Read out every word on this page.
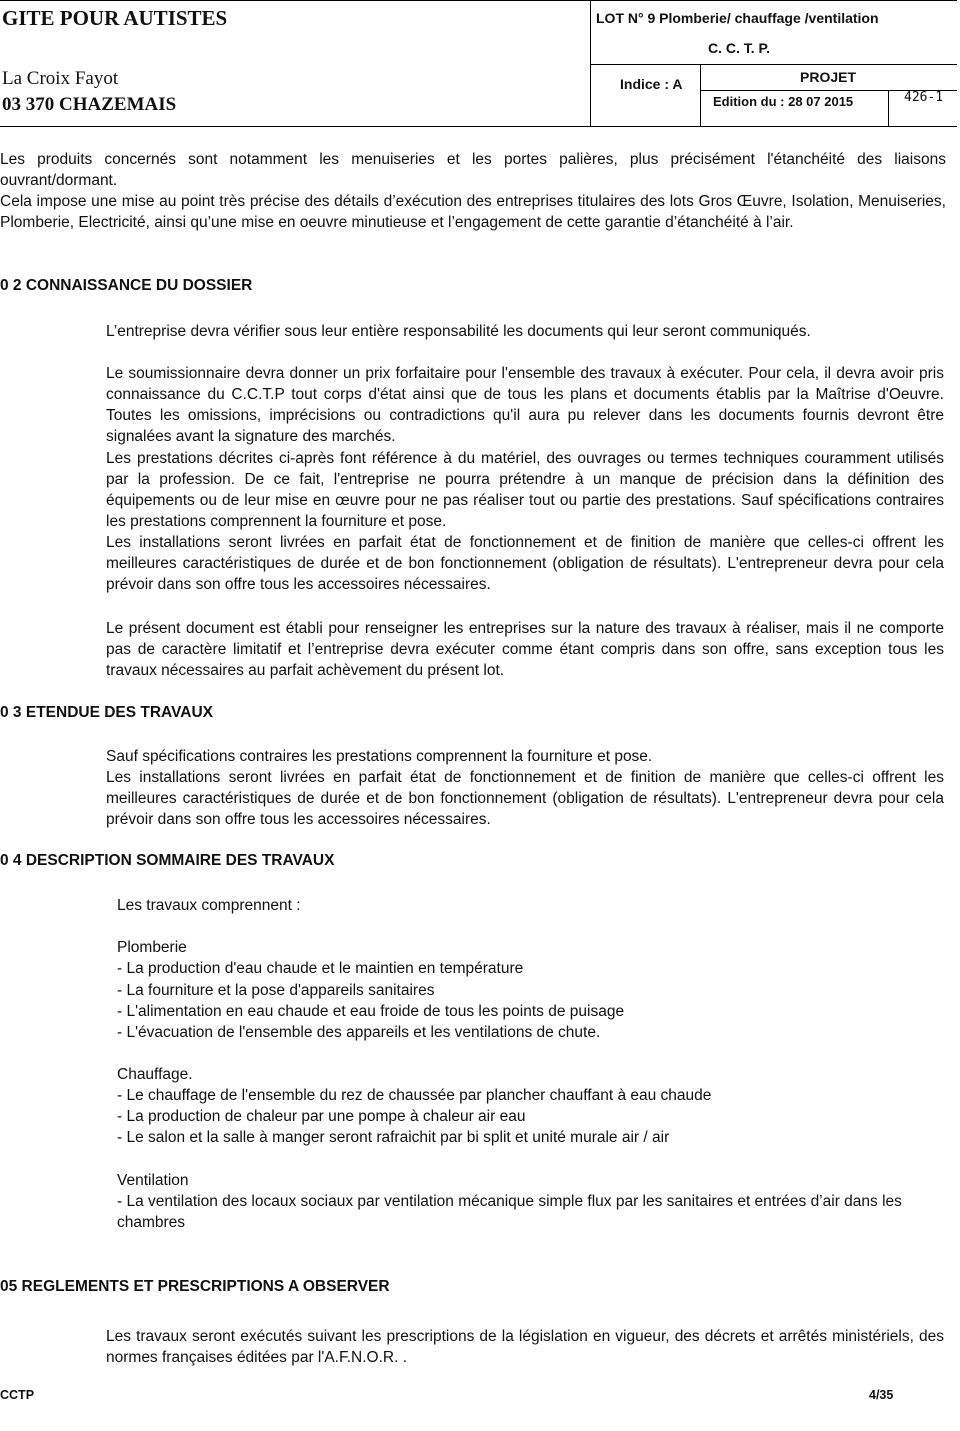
GITE POUR AUTISTES
La Croix Fayot
03 370 CHAZEMAIS
LOT N° 9 Plomberie/ chauffage /ventilation
C. C. T. P.
Indice : A	PROJET
Edition du : 28 07 2015	426-1
Les produits concernés sont notamment les menuiseries et les portes palières, plus précisément l'étanchéité des liaisons ouvrant/dormant.
Cela impose une mise au point très précise des détails d’exécution des entreprises titulaires des lots Gros Œuvre, Isolation, Menuiseries, Plomberie, Electricité, ainsi qu’une mise en oeuvre minutieuse et l’engagement de cette garantie d’étanchéité à l’air.
0 2 CONNAISSANCE DU DOSSIER
L’entreprise devra vérifier sous leur entière responsabilité les documents qui leur seront communiqués.
Le soumissionnaire devra donner un prix forfaitaire pour l'ensemble des travaux à exécuter. Pour cela, il devra avoir pris connaissance du C.C.T.P tout corps d'état ainsi que de tous les plans et documents établis par la Maîtrise d'Oeuvre. Toutes les omissions, imprécisions ou contradictions qu'il aura pu relever dans les documents fournis devront être signalées avant la signature des marchés.
Les prestations décrites ci-après font référence à du matériel, des ouvrages ou termes techniques couramment utilisés par la profession. De ce fait, l'entreprise ne pourra prétendre à un manque de précision dans la définition des équipements ou de leur mise en œuvre pour ne pas réaliser tout ou partie des prestations. Sauf spécifications contraires les prestations comprennent la fourniture et pose.
Les installations seront livrées en parfait état de fonctionnement et de finition de manière que celles-ci offrent les meilleures caractéristiques de durée et de bon fonctionnement (obligation de résultats). L'entrepreneur devra pour cela prévoir dans son offre tous les accessoires nécessaires.
Le présent document est établi pour renseigner les entreprises sur la nature des travaux à réaliser, mais il ne comporte pas de caractère limitatif et l’entreprise devra exécuter comme étant compris dans son offre, sans exception tous les travaux nécessaires au parfait achèvement du présent lot.
0 3 ETENDUE DES TRAVAUX
Sauf spécifications contraires les prestations comprennent la fourniture et pose.
Les installations seront livrées en parfait état de fonctionnement et de finition de manière que celles-ci offrent les meilleures caractéristiques de durée et de bon fonctionnement (obligation de résultats). L'entrepreneur devra pour cela prévoir dans son offre tous les accessoires nécessaires.
0 4 DESCRIPTION SOMMAIRE DES TRAVAUX
Les travaux comprennent :
Plomberie
- La production d'eau chaude et le maintien en température
- La fourniture et la pose d'appareils sanitaires
- L'alimentation en eau chaude et eau froide de tous les points de puisage
- L'évacuation de l'ensemble des appareils et les ventilations de chute.
Chauffage.
- Le chauffage de l'ensemble du rez de chaussée par plancher chauffant à eau chaude
- La production de chaleur par une pompe à chaleur air eau
- Le salon et la salle à manger seront rafraichit par bi split et unité murale air / air
Ventilation
- La ventilation des locaux sociaux par ventilation mécanique simple flux par les sanitaires et entrées d’air dans les chambres
05 REGLEMENTS ET PRESCRIPTIONS A OBSERVER
Les travaux seront exécutés suivant les prescriptions de la législation en vigueur, des décrets et arrêtés ministériels, des normes françaises éditées par l'A.F.N.O.R. .
CCTP	4/35
